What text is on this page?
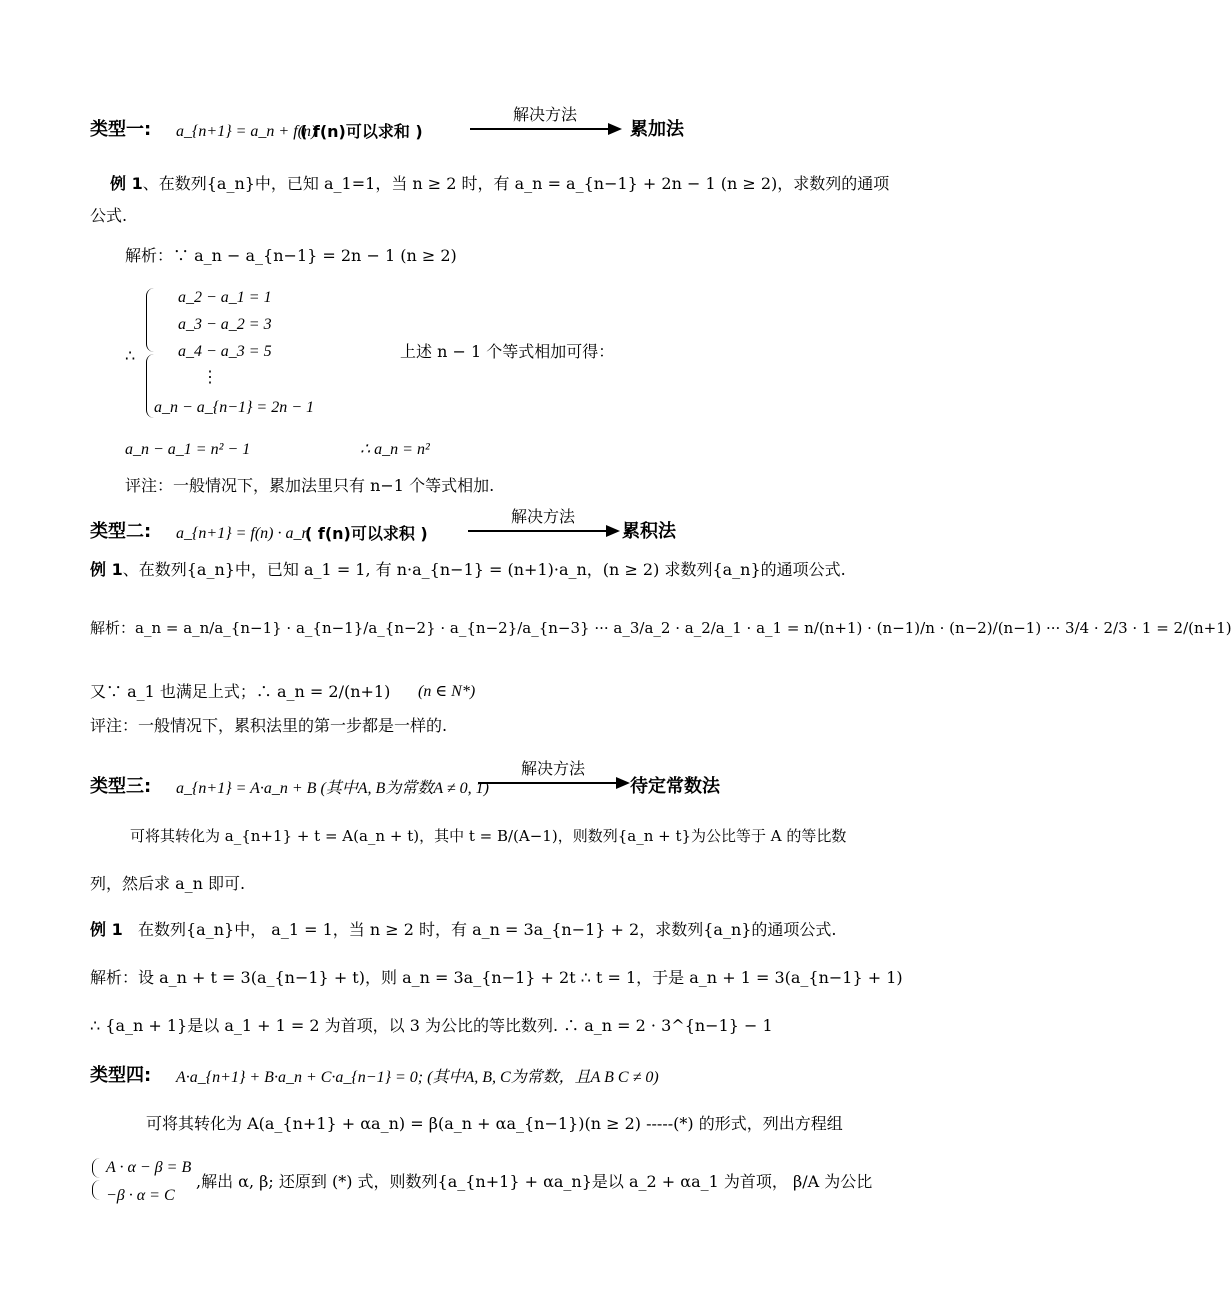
类型一: a_{n+1} = a_n + f(n)
( f(n)可以求和 )
解决方法
累加法
例 1、在数列{a_n}中，已知 a_1=1，当 n ≥ 2 时，有 a_n = a_{n−1} + 2n − 1 (n ≥ 2)，求数列的通项
公式.
解析：∵ a_n − a_{n−1} = 2n − 1 (n ≥ 2)
∴
a_2 − a_1 = 1
a_3 − a_2 = 3
a_4 − a_3 = 5
⋮
a_n − a_{n−1} = 2n − 1
上述 n − 1 个等式相加可得：
a_n − a_1 = n² − 1	∴ a_n = n²
评注：一般情况下，累加法里只有 n−1 个等式相加.
类型二: a_{n+1} = f(n) · a_n
( f(n)可以求积 )
解决方法
累积法
例 1、在数列{a_n}中，已知 a_1 = 1, 有 n·a_{n−1} = (n+1)·a_n，(n ≥ 2) 求数列{a_n}的通项公式.
解析：a_n = a_n/a_{n−1} · a_{n−1}/a_{n−2} · a_{n−2}/a_{n−3} ··· a_3/a_2 · a_2/a_1 · a_1 = n/(n+1) · (n−1)/n · (n−2)/(n−1) ··· 3/4 · 2/3 · 1 = 2/(n+1)
又∵ a_1 也满足上式；∴ a_n = 2/(n+1) (n ∈ N*)
评注：一般情况下，累积法里的第一步都是一样的.
类型三: a_{n+1} = A·a_n + B (其中A, B为常数A ≠ 0, 1)
解决方法
待定常数法
可将其转化为 a_{n+1} + t = A(a_n + t)，其中 t = B/(A−1)，则数列{a_n + t}为公比等于 A 的等比数
列，然后求 a_n 即可.
例 1 在数列{a_n}中， a_1 = 1，当 n ≥ 2 时，有 a_n = 3a_{n−1} + 2，求数列{a_n}的通项公式.
解析：设 a_n + t = 3(a_{n−1} + t)，则 a_n = 3a_{n−1} + 2t ∴ t = 1，于是 a_n + 1 = 3(a_{n−1} + 1)
∴ {a_n + 1}是以 a_1 + 1 = 2 为首项，以 3 为公比的等比数列. ∴ a_n = 2 · 3^{n−1} − 1
类型四: A·a_{n+1} + B·a_n + C·a_{n−1} = 0; (其中A, B, C为常数，且A B C ≠ 0)
可将其转化为 A(a_{n+1} + αa_n) = β(a_n + αa_{n−1})(n ≥ 2) -----(*) 的形式，列出方程组
A · α − β = B
−β · α = C
,解出 α, β; 还原到 (*) 式，则数列{a_{n+1} + αa_n}是以 a_2 + αa_1 为首项， β/A 为公比
